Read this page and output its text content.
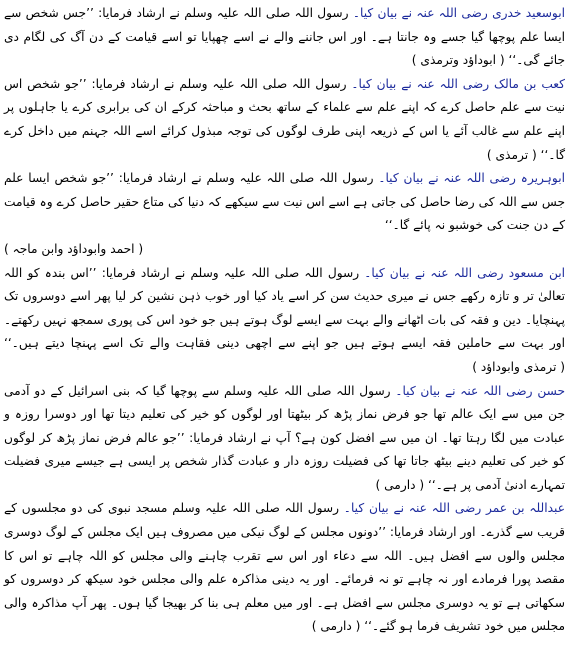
ابوسعید خدری رضی اللہ عنہ نے بیان کیا۔ رسول اللہ صلی اللہ علیہ وسلم نے ارشاد فرمایا: ’’جس شخص سے ایسا علم پوچھا گیا جسے وہ جانتا ہے۔ اور اس جاننے والے نے اسے چھپایا تو اسے قیامت کے دن آگ کی لگام دی جائے گی۔‘‘ ( ابوداؤد وترمذی )

کعب بن مالک رضی اللہ عنہ نے بیان کیا۔ رسول اللہ صلی اللہ علیہ وسلم نے ارشاد فرمایا: ’’جو شخص اس نیت سے علم حاصل کرے کہ اپنے علم سے علماء کے ساتھ بحث و مباحثہ کرکے ان کی برابری کرے یا جاہلوں پر اپنے علم سے غالب آئے یا اس کے ذریعہ اپنی طرف لوگوں کی توجہ مبذول کرائے اسے اللہ جہنم میں داخل کرے گا۔‘‘ ( ترمذی )

ابوہریرہ رضی اللہ عنہ نے بیان کیا۔ رسول اللہ صلی اللہ علیہ وسلم نے ارشاد فرمایا: ’’جو شخص ایسا علم جس سے اللہ کی رضا حاصل کی جاتی ہے اسے اس نیت سے سیکھے کہ دنیا کی متاع حقیر حاصل کرے وہ قیامت کے دن جنت کی خوشبو نہ پائے گا۔‘‘

( احمد وابوداؤد وابن ماجہ )

ابن مسعود رضی اللہ عنہ نے بیان کیا۔ رسول اللہ صلی اللہ علیہ وسلم نے ارشاد فرمایا: ’’اس بندہ کو اللہ تعالیٰ تر و تازہ رکھے جس نے میری حدیث سن کر اسے یاد کیا اور خوب ذہن نشین کر لیا پھر اسے دوسروں تک پہنچایا۔ دین و فقہ کی بات اٹھانے والے بہت سے ایسے لوگ ہوتے ہیں جو خود اس کی پوری سمجھ نہیں رکھتے۔ اور بہت سے حاملین فقہ ایسے ہوتے ہیں جو اپنے سے اچھی دینی فقاہت والے تک اسے پہنچا دیتے ہیں۔‘‘ ( ترمذی وابوداؤد )

حسن رضی اللہ عنہ نے بیان کیا۔ رسول اللہ صلی اللہ علیہ وسلم سے پوچھا گیا کہ بنی اسرائیل کے دو آدمی جن میں سے ایک عالم تھا جو فرض نماز پڑھ کر بیٹھتا اور لوگوں کو خیر کی تعلیم دیتا تھا اور دوسرا روزہ و عبادت میں لگا رہتا تھا۔ ان میں سے افضل کون ہے؟ آپ نے ارشاد فرمایا: ’’جو عالم فرض نماز پڑھ کر لوگوں کو خیر کی تعلیم دینے بیٹھ جاتا تھا کی فضیلت روزہ دار و عبادت گذار شخص پر ایسی ہے جیسے میری فضیلت تمہارے ادنیٰ آدمی پر ہے۔‘‘ ( دارمی )

عبداللہ بن عمر رضی اللہ عنہ نے بیان کیا۔ رسول اللہ صلی اللہ علیہ وسلم مسجد نبوی کی دو مجلسوں کے قریب سے گذرے۔ اور ارشاد فرمایا: ’’دونوں مجلس کے لوگ نیکی میں مصروف ہیں ایک مجلس کے لوگ دوسری مجلس والوں سے افضل ہیں۔ اللہ سے دعاء اور اس سے تقرب چاہنے والی مجلس کو اللہ چاہے تو اس کا مقصد پورا فرمادے اور نہ چاہے تو نہ فرمائے۔ اور یہ دینی مذاکرہ علم والی مجلس خود سیکھ کر دوسروں کو سکھاتی ہے تو یہ دوسری مجلس سے افضل ہے۔ اور میں معلم ہی بنا کر بھیجا گیا ہوں۔ پھر آپ مذاکرہ والی مجلس میں خود تشریف فرما ہو گئے۔‘‘ ( دارمی )
